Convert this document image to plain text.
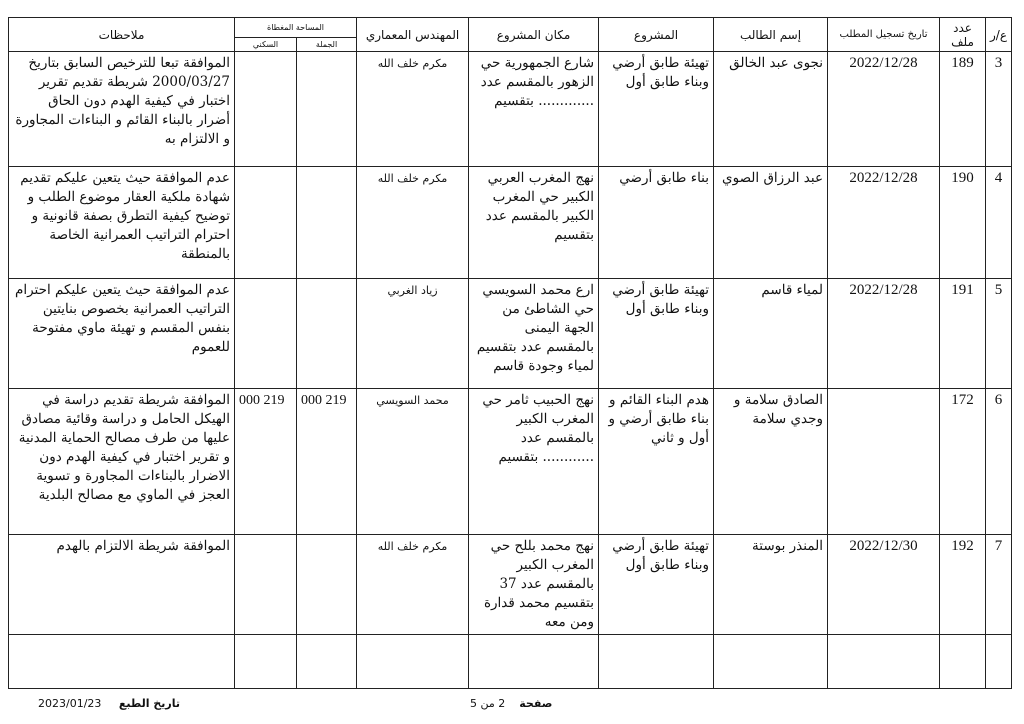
ع/ر	عدد ملف	تاريخ تسجيل المطلب	إسم الطالب	المشروع	مكان المشروع	المهندس المعماري	المساحة المغطاة		ملاحظات
							الجملة	السكني	
3	189	2022/12/28	نجوى عبد الخالق	تهيئة طابق أرضي وبناء طابق أول	شارع الجمهورية حي الزهور بالمقسم عدد ............. بتقسيم	مكرم خلف الله			الموافقة تبعا للترخيص السابق بتاريخ 2000/03/27 شريطة تقديم تقرير اختبار في كيفية الهدم دون الحاق أضرار بالبناء القائم و البناءات المجاورة و الالتزام به
4	190	2022/12/28	عبد الرزاق الصوي	بناء طابق أرضي	نهج المغرب العربي الكبير حي المغرب الكبير بالمقسم عدد بتقسيم	مكرم خلف الله			عدم الموافقة حيث يتعين عليكم تقديم شهادة ملكية العقار موضوع الطلب و توضيح كيفية التطرق بصفة قانونية و احترام التراتيب العمرانية الخاصة بالمنطقة
5	191	2022/12/28	لمياء قاسم	تهيئة طابق أرضي وبناء طابق أول	ارع محمد السويسي حي الشاطئ من الجهة اليمنى بالمقسم عدد بتقسيم لمياء وجودة قاسم	زياد الغربي			عدم الموافقة حيث يتعين عليكم احترام التراتيب العمرانية بخصوص بنايتين بنفس المقسم و تهيئة ماوي مفتوحة للعموم
6	172		الصادق سلامة و وجدي سلامة	هدم البناء القائم و بناء طابق أرضي و أول و ثاني	نهج الحبيب ثامر حي المغرب الكبير بالمقسم عدد ............ بتقسيم	محمد السويسي	219 000	219 000	الموافقة شريطة تقديم دراسة في الهيكل الحامل و دراسة وقائية مصادق عليها من طرف مصالح الحماية المدنية و تقرير اختبار في كيفية الهدم دون الاضرار بالبناءات المجاورة و تسوية العجز في الماوي مع مصالح البلدية
7	192	2022/12/30	المنذر بوستة	تهيئة طابق أرضي وبناء طابق أول	نهج محمد بللح حي المغرب الكبير بالمقسم عدد 37 بتقسيم محمد قدارة ومن معه	مكرم خلف الله			الموافقة شريطة الالتزام بالهدم

صفحة    2 من 5
تاريخ الطبع     2023/01/23
